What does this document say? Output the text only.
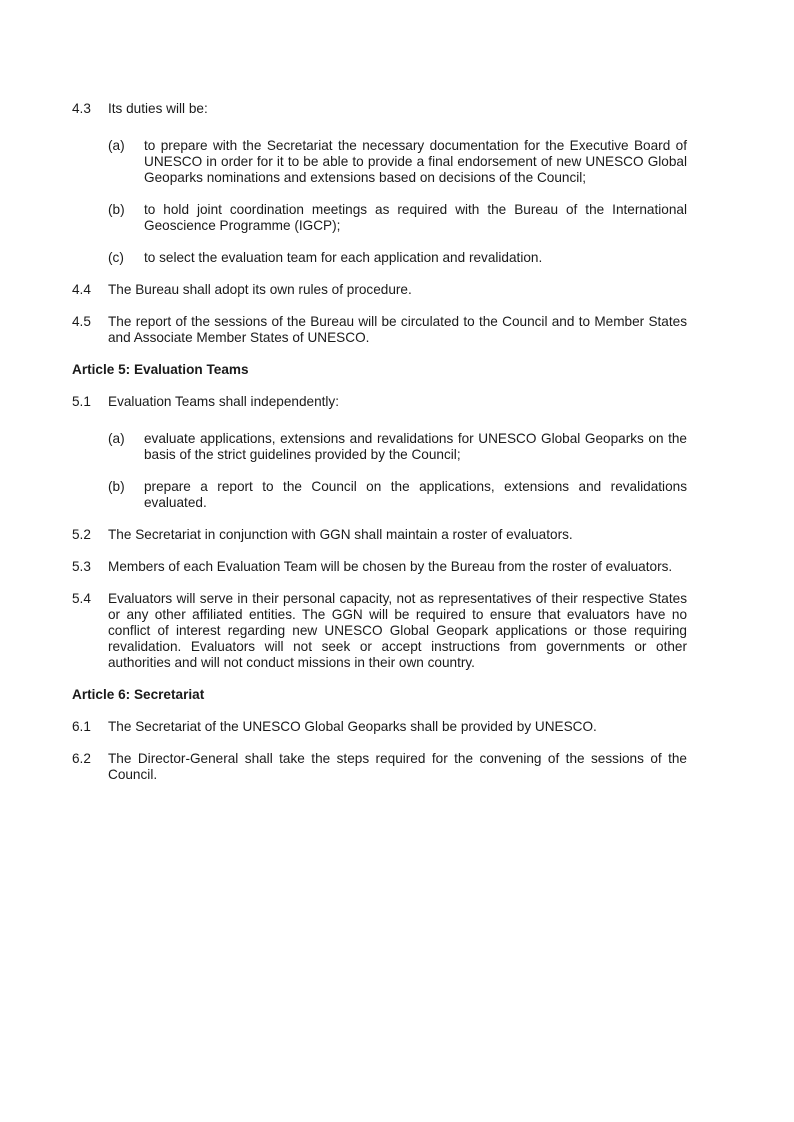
4.3	Its duties will be:
(a)	to prepare with the Secretariat the necessary documentation for the Executive Board of UNESCO in order for it to be able to provide a final endorsement of new UNESCO Global Geoparks nominations and extensions based on decisions of the Council;
(b)	to hold joint coordination meetings as required with the Bureau of the International Geoscience Programme (IGCP);
(c)	to select the evaluation team for each application and revalidation.
4.4	The Bureau shall adopt its own rules of procedure.
4.5	The report of the sessions of the Bureau will be circulated to the Council and to Member States and Associate Member States of UNESCO.
Article 5: Evaluation Teams
5.1	Evaluation Teams shall independently:
(a)	evaluate applications, extensions and revalidations for UNESCO Global Geoparks on the basis of the strict guidelines provided by the Council;
(b)	prepare a report to the Council on the applications, extensions and revalidations evaluated.
5.2	The Secretariat in conjunction with GGN shall maintain a roster of evaluators.
5.3	Members of each Evaluation Team will be chosen by the Bureau from the roster of evaluators.
5.4	Evaluators will serve in their personal capacity, not as representatives of their respective States or any other affiliated entities. The GGN will be required to ensure that evaluators have no conflict of interest regarding new UNESCO Global Geopark applications or those requiring revalidation. Evaluators will not seek or accept instructions from governments or other authorities and will not conduct missions in their own country.
Article 6: Secretariat
6.1	The Secretariat of the UNESCO Global Geoparks shall be provided by UNESCO.
6.2	The Director-General shall take the steps required for the convening of the sessions of the Council.
